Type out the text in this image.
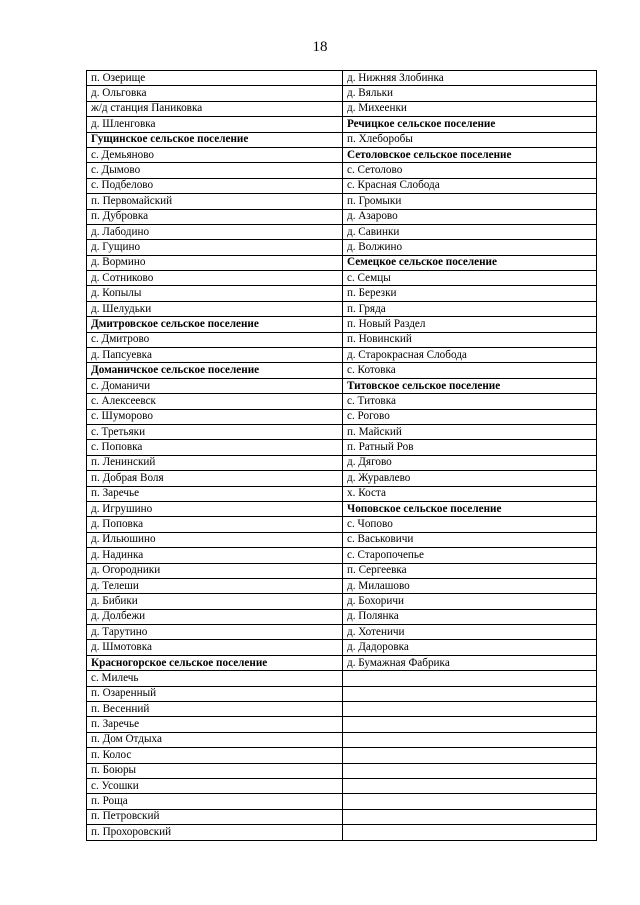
18
п. Озерище	д. Нижняя Злобинка
д. Ольговка	д. Вяльки
ж/д станция Паниковка	д. Михеенки
д. Шленговка	Речицкое сельское поселение
Гущинское сельское поселение	п. Хлеборобы
с. Демьяново	Сетоловское сельское поселение
с. Дымово	с. Сетолово
с. Подбелово	с. Красная Слобода
п. Первомайский	п. Громыки
п. Дубровка	д. Азарово
д. Лабодино	д. Савинки
д. Гущино	д. Волжино
д. Вормино	Семецкое сельское поселение
д. Сотниково	с. Семцы
д. Копылы	п. Березки
д. Шелудьки	п. Гряда
Дмитровское сельское поселение	п. Новый Раздел
с. Дмитрово	п. Новинский
д. Папсуевка	д. Старокрасная Слобода
Доманичское сельское поселение	с. Котовка
с. Доманичи	Титовское сельское поселение
с. Алексеевск	с. Титовка
с. Шуморово	с. Рогово
с. Третьяки	п. Майский
с. Поповка	п. Ратный Ров
п. Ленинский	д. Дягово
п. Добрая Воля	д. Журавлево
п. Заречье	х. Коста
д. Игрушино	Чоповское сельское поселение
д. Поповка	с. Чопово
д. Ильюшино	с. Васьковичи
д. Надинка	с. Старопочепье
д. Огородники	п. Сергеевка
д. Телеши	д. Милашово
д. Бибики	д. Бохоричи
д. Долбежи	д. Полянка
д. Тарутино	д. Хотеничи
д. Шмотовка	д. Дадоровка
Красногорское сельское поселение	д. Бумажная Фабрика
с. Милечь	
п. Озаренный	
п. Весенний	
п. Заречье	
п. Дом Отдыха	
п. Колос	
п. Боюры	
с. Усошки	
п. Роща	
п. Петровский	
п. Прохоровский	
